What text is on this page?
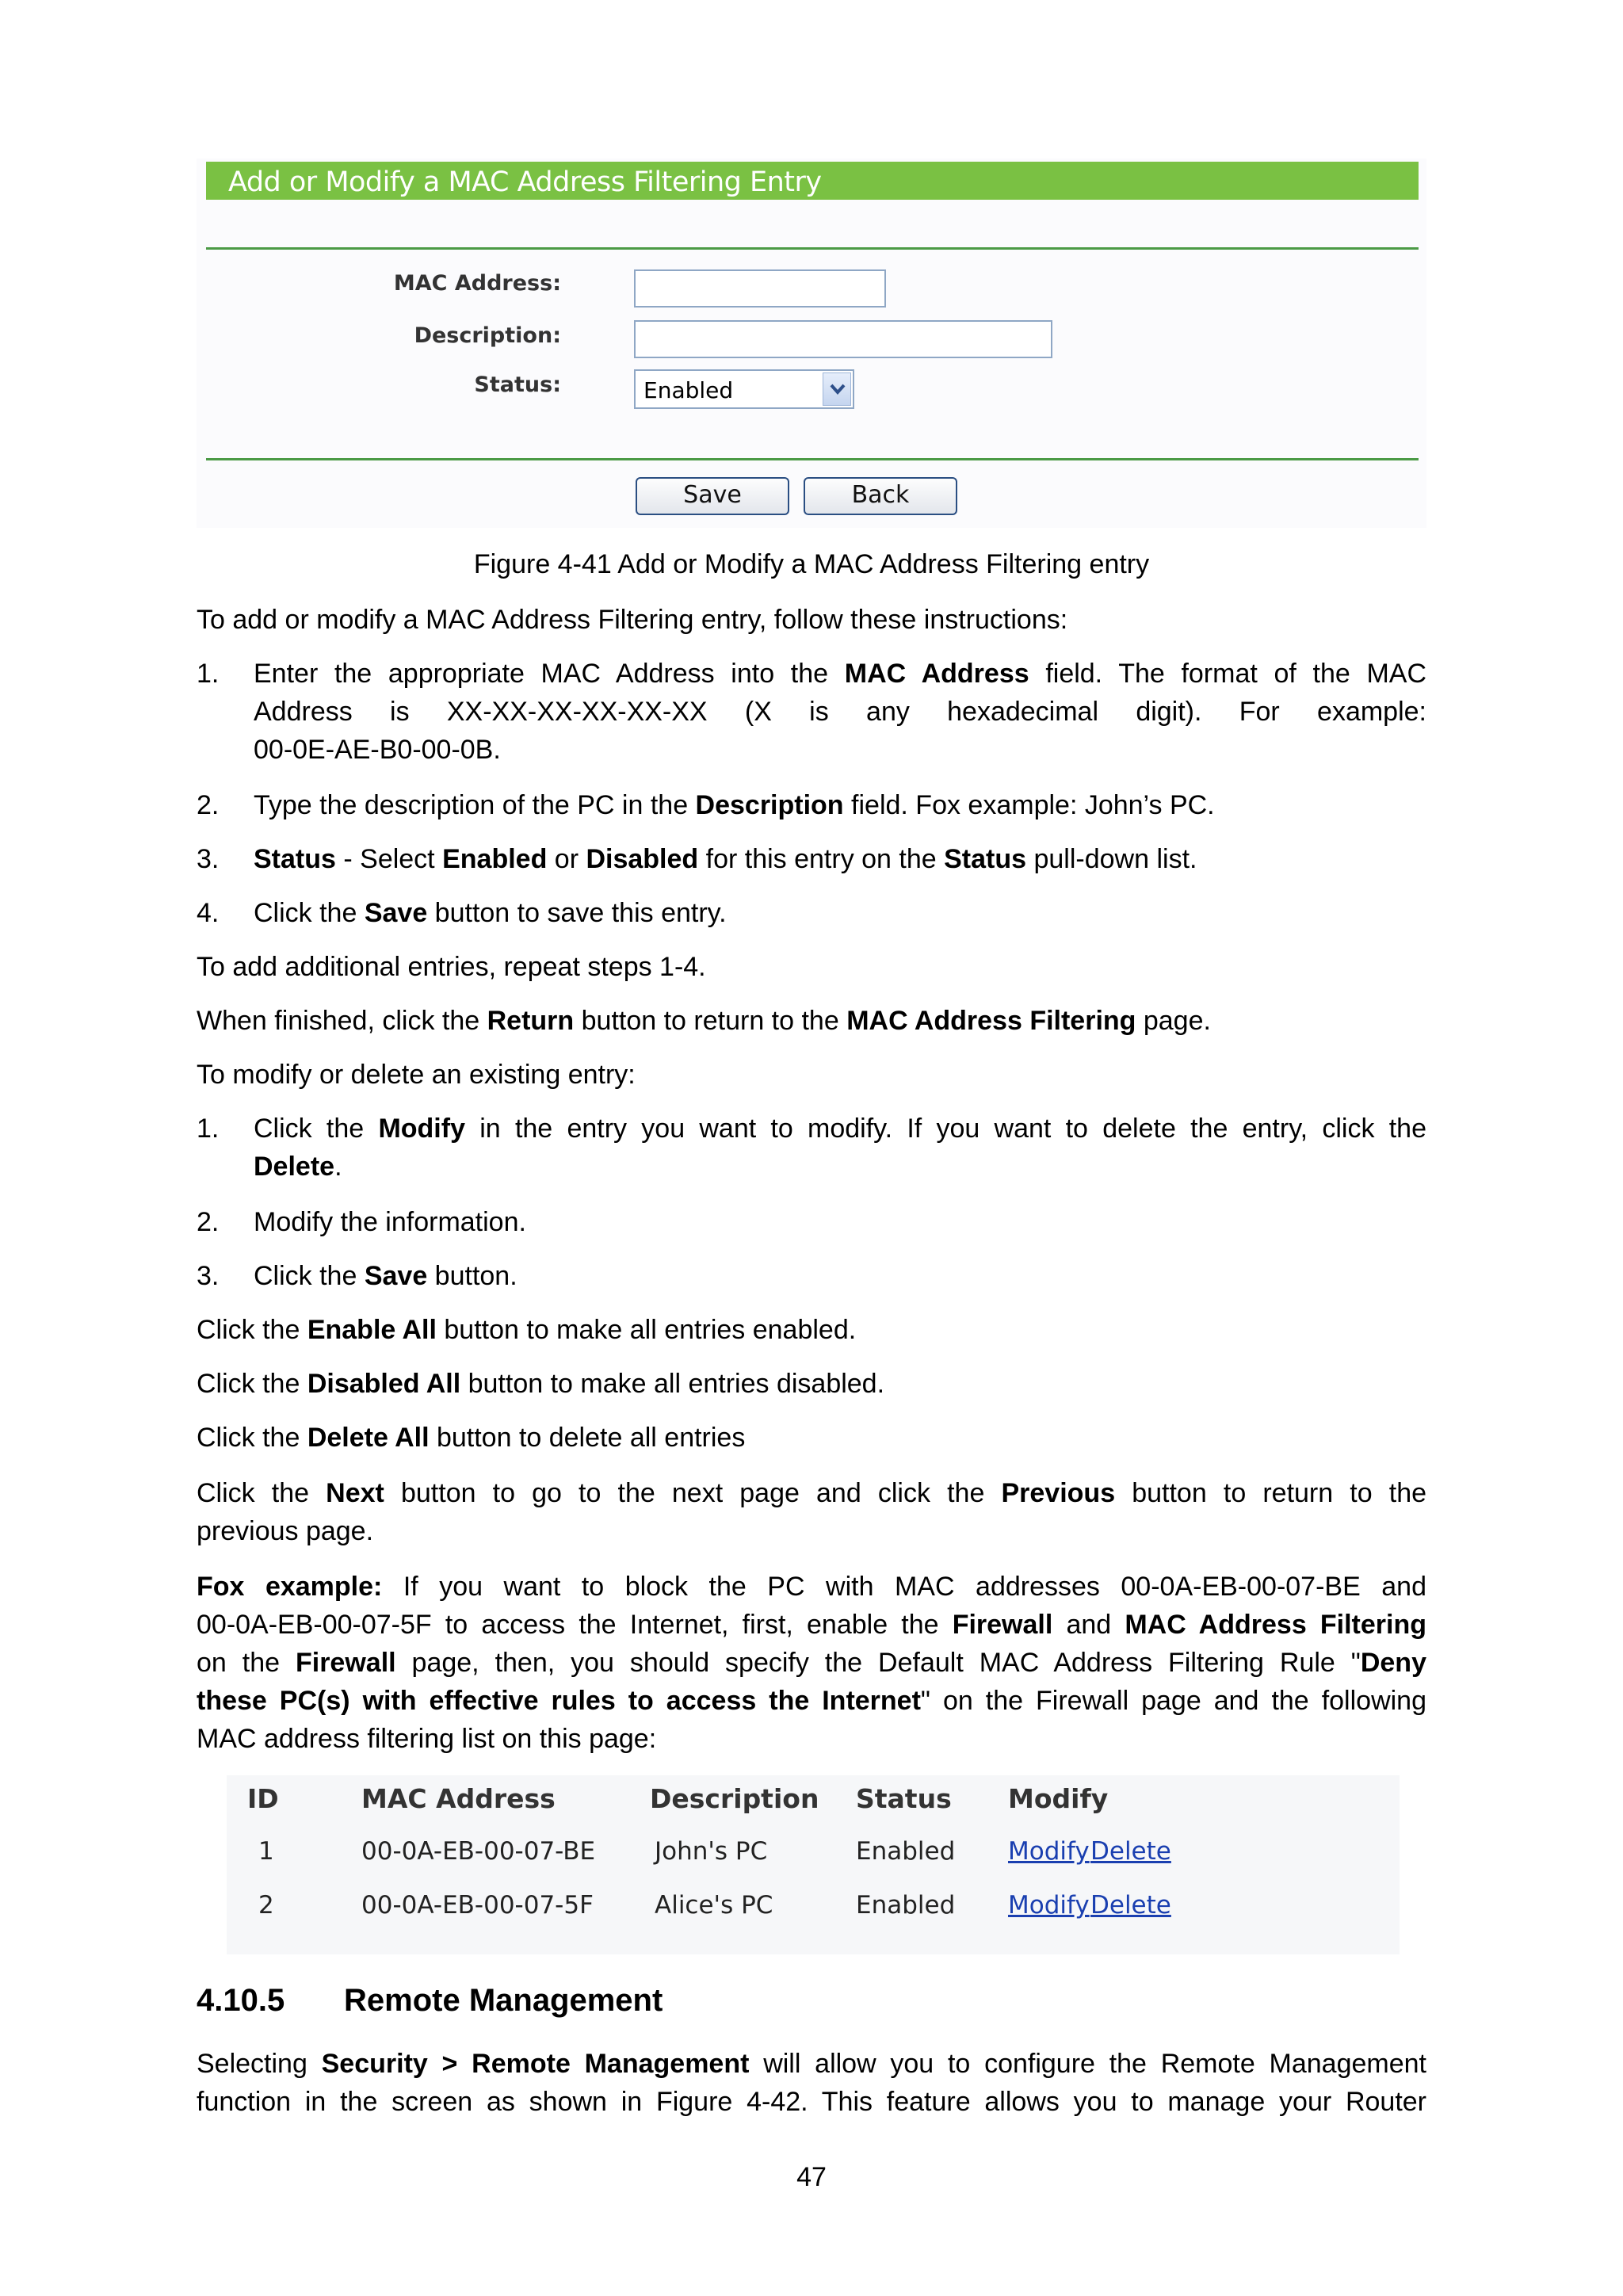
Add or Modify a MAC Address Filtering Entry
MAC Address:
Description:
Status:	Enabled
Save	Back
Figure 4-41 Add or Modify a MAC Address Filtering entry
To add or modify a MAC Address Filtering entry, follow these instructions:
1. Enter the appropriate MAC Address into the MAC Address field. The format of the MAC
Address is XX-XX-XX-XX-XX-XX (X is any hexadecimal digit). For example:
00-0E-AE-B0-00-0B.
2. Type the description of the PC in the Description field. Fox example: John’s PC.
3. Status - Select Enabled or Disabled for this entry on the Status pull-down list.
4. Click the Save button to save this entry.
To add additional entries, repeat steps 1-4.
When finished, click the Return button to return to the MAC Address Filtering page.
To modify or delete an existing entry:
1. Click the Modify in the entry you want to modify. If you want to delete the entry, click the
Delete.
2. Modify the information.
3. Click the Save button.
Click the Enable All button to make all entries enabled.
Click the Disabled All button to make all entries disabled.
Click the Delete All button to delete all entries
Click the Next button to go to the next page and click the Previous button to return to the
previous page.
Fox example: If you want to block the PC with MAC addresses 00-0A-EB-00-07-BE and
00-0A-EB-00-07-5F to access the Internet, first, enable the Firewall and MAC Address Filtering
on the Firewall page, then, you should specify the Default MAC Address Filtering Rule "Deny
these PC(s) with effective rules to access the Internet" on the Firewall page and the following
MAC address filtering list on this page:
ID	MAC Address	Description Status Modify
1	00-0A-EB-00-07-BE John's PC	Enabled Modify Delete
2	00-0A-EB-00-07-5F Alice's PC	Enabled Modify Delete
4.10.5 Remote Management
Selecting Security > Remote Management will allow you to configure the Remote Management
function in the screen as shown in Figure 4-42. This feature allows you to manage your Router
47
